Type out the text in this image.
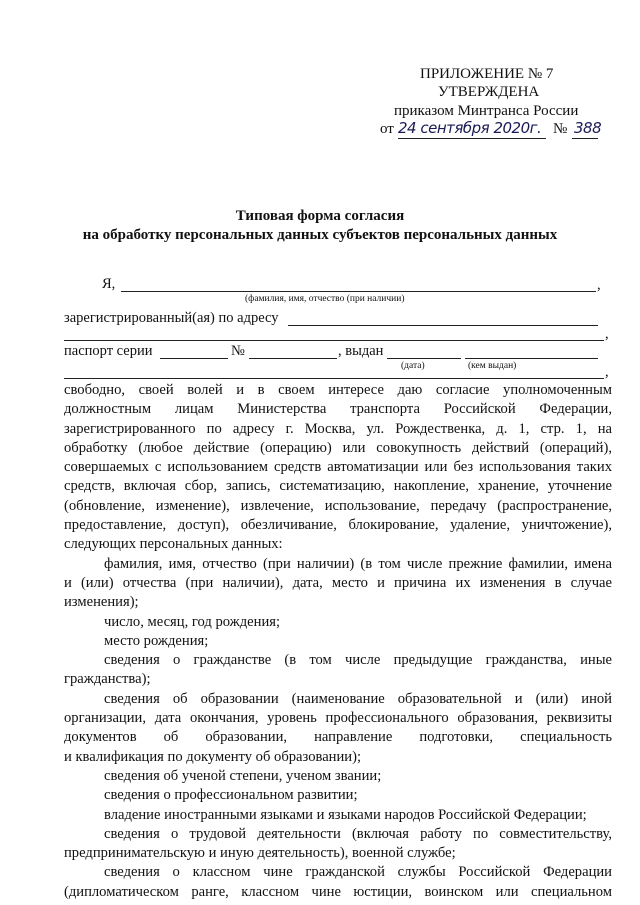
ПРИЛОЖЕНИЕ № 7
УТВЕРЖДЕНА
приказом Минтранса России
от 24 сентября 2020г. № 388
Типовая форма согласия
на обработку персональных данных субъектов персональных данных
Я,	,
(фамилия, имя, отчество (при наличии)
зарегистрированный(ая) по адресу
,
паспорт серии	№	, выдан
(дата)	(кем выдан)	,
свободно, своей волей и в своем интересе даю согласие уполномоченным
должностным лицам Министерства транспорта Российской Федерации,
зарегистрированного по адресу г. Москва, ул. Рождественка, д. 1, стр. 1, на
обработку (любое действие (операцию) или совокупность действий (операций),
совершаемых с использованием средств автоматизации или без использования таких
средств, включая сбор, запись, систематизацию, накопление, хранение, уточнение
(обновление, изменение), извлечение, использование, передачу (распространение,
предоставление, доступ), обезличивание, блокирование, удаление, уничтожение),
следующих персональных данных:
фамилия, имя, отчество (при наличии) (в том числе прежние фамилии, имена
и (или) отчества (при наличии), дата, место и причина их изменения в случае
изменения);
число, месяц, год рождения;
место рождения;
сведения о гражданстве (в том числе предыдущие гражданства, иные
гражданства);
сведения об образовании (наименование образовательной и (или) иной
организации, дата окончания, уровень профессионального образования, реквизиты
документов об образовании, направление подготовки, специальность
и квалификация по документу об образовании);
сведения об ученой степени, ученом звании;
сведения о профессиональном развитии;
владение иностранными языками и языками народов Российской Федерации;
сведения о трудовой деятельности (включая работу по совместительству,
предпринимательскую и иную деятельность), военной службе;
сведения о классном чине гражданской службы Российской Федерации
(дипломатическом ранге, классном чине юстиции, воинском или специальном
